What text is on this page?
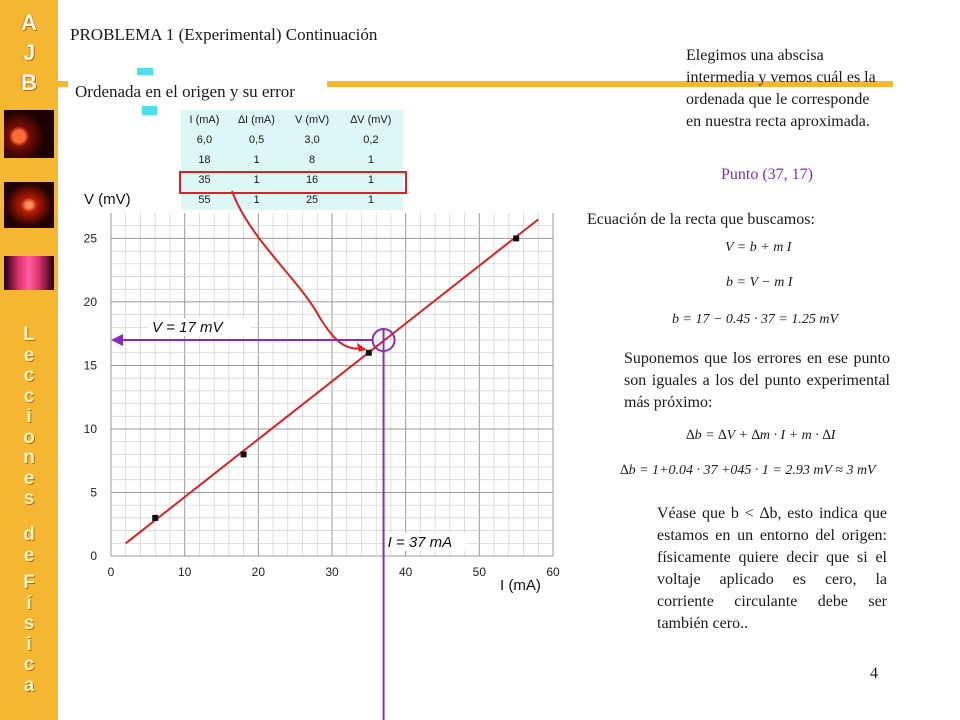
A
J
B
L
e
c
c
i
o
n
e
s
d
e
F
í
s
i
c
a
PROBLEMA 1 (Experimental) Continuación
Ordenada en el origen y su error
I (mA)	∆I (mA)	V (mV)	∆V (mV)
6,0	0,5	3,0	0,2
18	1	8	1
35	1	16	1
55	1	25	1
0	10	20	30	40	50	60
0
5
10
15
20
25
V (mV)
I (mA)
V = 17 mV
I = 37 mA
Elegimos una abscisa intermedia y vemos cuál es la ordenada que le corresponde en nuestra recta aproximada.
Punto (37, 17)
Ecuación de la recta que buscamos:
V = b + m I
b = V − m I
b = 17 − 0.45 · 37 = 1.25 mV
Suponemos que los errores en ese punto son iguales a los del punto experimental más próximo:
∆b = ∆V + ∆m · I + m · ∆I
∆b = 1+0.04 · 37 +045 · 1 = 2.93 mV ≈ 3 mV
Véase que b < ∆b, esto indica que estamos en un entorno del origen: físicamente quiere decir que si el voltaje aplicado es cero, la corriente circulante debe ser también cero..
4
